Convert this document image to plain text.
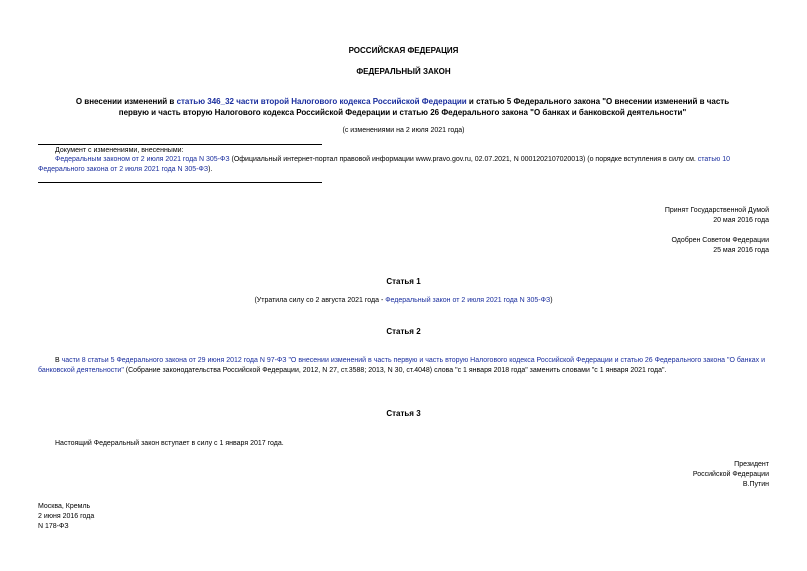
РОССИЙСКАЯ ФЕДЕРАЦИЯ
ФЕДЕРАЛЬНЫЙ ЗАКОН
О внесении изменений в статью 346_32 части второй Налогового кодекса Российской Федерации и статью 5 Федерального закона "О внесении изменений в часть
первую и часть вторую Налогового кодекса Российской Федерации и статью 26 Федерального закона "О банках и банковской деятельности"
(с изменениями на 2 июля 2021 года)
Документ с изменениями, внесенными:
Федеральным законом от 2 июля 2021 года N 305-ФЗ (Официальный интернет-портал правовой информации www.pravo.gov.ru, 02.07.2021, N 0001202107020013) (о порядке вступления в силу см. статью 10 Федерального закона от 2 июля 2021 года N 305-ФЗ).
Принят Государственной Думой
20 мая 2016 года
Одобрен Советом Федерации
25 мая 2016 года
Статья 1
(Утратила силу со 2 августа 2021 года - Федеральный закон от 2 июля 2021 года N 305-ФЗ)
Статья 2
В части 8 статьи 5 Федерального закона от 29 июня 2012 года N 97-ФЗ "О внесении изменений в часть первую и часть вторую Налогового кодекса Российской Федерации и статью 26 Федерального закона "О банках и банковской деятельности" (Собрание законодательства Российской Федерации, 2012, N 27, ст.3588; 2013, N 30, ст.4048) слова "с 1 января 2018 года" заменить словами "с 1 января 2021 года".
Статья 3
Настоящий Федеральный закон вступает в силу с 1 января 2017 года.
Президент
Российской Федерации
В.Путин
Москва, Кремль
2 июня 2016 года
N 178-ФЗ
